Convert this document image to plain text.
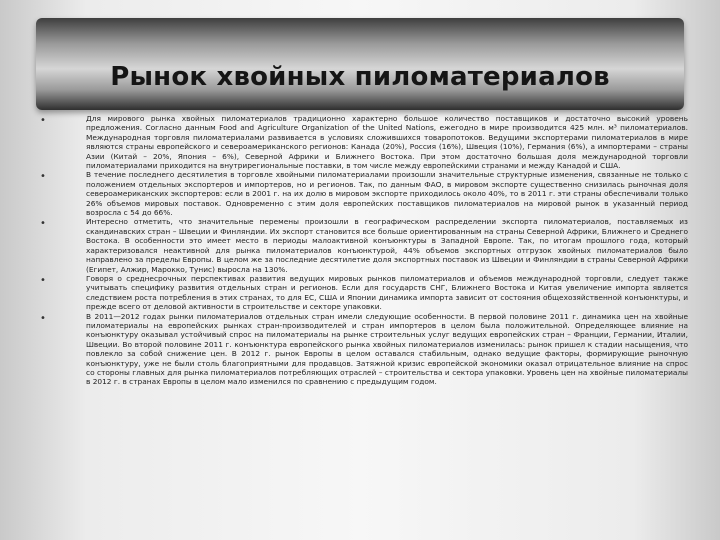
Рынок хвойных пиломатериалов
•	Для мирового рынка хвойных пиломатериалов традиционно характерно большое количество поставщиков и достаточно высокий уровень предложения. Согласно данным Food and Agriculture Organization of the United Nations, ежегодно в мире производится 425 млн. м³ пиломатериалов. Международная торговля пиломатериалами развивается в условиях сложившихся товаропотоков. Ведущими экспортерами пиломатериалов в мире являются страны европейского и североамериканского регионов: Канада (20%), Россия (16%), Швеция (10%), Германия (6%), а импортерами – страны Азии (Китай – 20%, Япония – 6%), Северной Африки и Ближнего Востока. При этом достаточно большая доля международной торговли пиломатериалами приходится на внутрирегиональные поставки, в том числе между европейскими странами и между Канадой и США.

•	В течение последнего десятилетия в торговле хвойными пиломатериалами произошли значительные структурные изменения, связанные не только с положением отдельных экспортеров и импортеров, но и регионов. Так, по данным ФАО, в мировом экспорте существенно снизилась рыночная доля североамериканских экспортеров: если в 2001 г. на их долю в мировом экспорте приходилось около 40%, то в 2011 г. эти страны обеспечивали только 26% объемов мировых поставок. Одновременно с этим доля европейских поставщиков пиломатериалов на мировой рынок в указанный период возросла с 54 до 66%.

•	Интересно отметить, что значительные перемены произошли в географическом распределении экспорта пиломатериалов, поставляемых из скандинавских стран – Швеции и Финляндии. Их экспорт становится все больше ориентированным на страны Северной Африки, Ближнего и Среднего Востока. В особенности это имеет место в периоды малоактивной конъюнктуры в Западной Европе. Так, по итогам прошлого года, который характеризовался неактивной для рынка пиломатериалов конъюнктурой, 44% объемов экспортных отгрузок хвойных пиломатериалов было направлено за пределы Европы. В целом же за последние десятилетие доля экспортных поставок из Швеции и Финляндии в страны Северной Африки (Египет, Алжир, Марокко, Тунис) выросла на 130%.

•	Говоря о среднесрочных перспективах развития ведущих мировых рынков пиломатериалов и объемов международной торговли, следует также учитывать специфику развития отдельных стран и регионов. Если для государств СНГ, Ближнего Востока и Китая увеличение импорта является следствием роста потребления в этих странах, то для ЕС, США и Японии динамика импорта зависит от состояния общехозяйственной конъюнктуры, и прежде всего от деловой активности в строительстве и секторе упаковки.

•	В 2011—2012 годах рынки пиломатериалов отдельных стран имели следующие особенности. В первой половине 2011 г. динамика цен на хвойные пиломатериалы на европейских рынках стран-производителей и стран импортеров в целом была положительной. Определяющее влияние на конъюнктуру оказывал устойчивый спрос на пиломатериалы на рынке строительных услуг ведущих европейских стран – Франции, Германии, Италии, Швеции. Во второй половине 2011 г. конъюнктура европейского рынка хвойных пиломатериалов изменилась: рынок пришел к стадии насыщения, что повлекло за собой снижение цен. В 2012 г. рынок Европы в целом оставался стабильным, однако ведущие факторы, формирующие рыночную конъюнктуру, уже не были столь благоприятными для продавцов. Затяжной кризис европейской экономики оказал отрицательное влияние на спрос со стороны главных для рынка пиломатериалов потребляющих отраслей – строительства и сектора упаковки. Уровень цен на хвойные пиломатериалы в 2012 г. в странах Европы в целом мало изменился по сравнению с предыдущим годом.
